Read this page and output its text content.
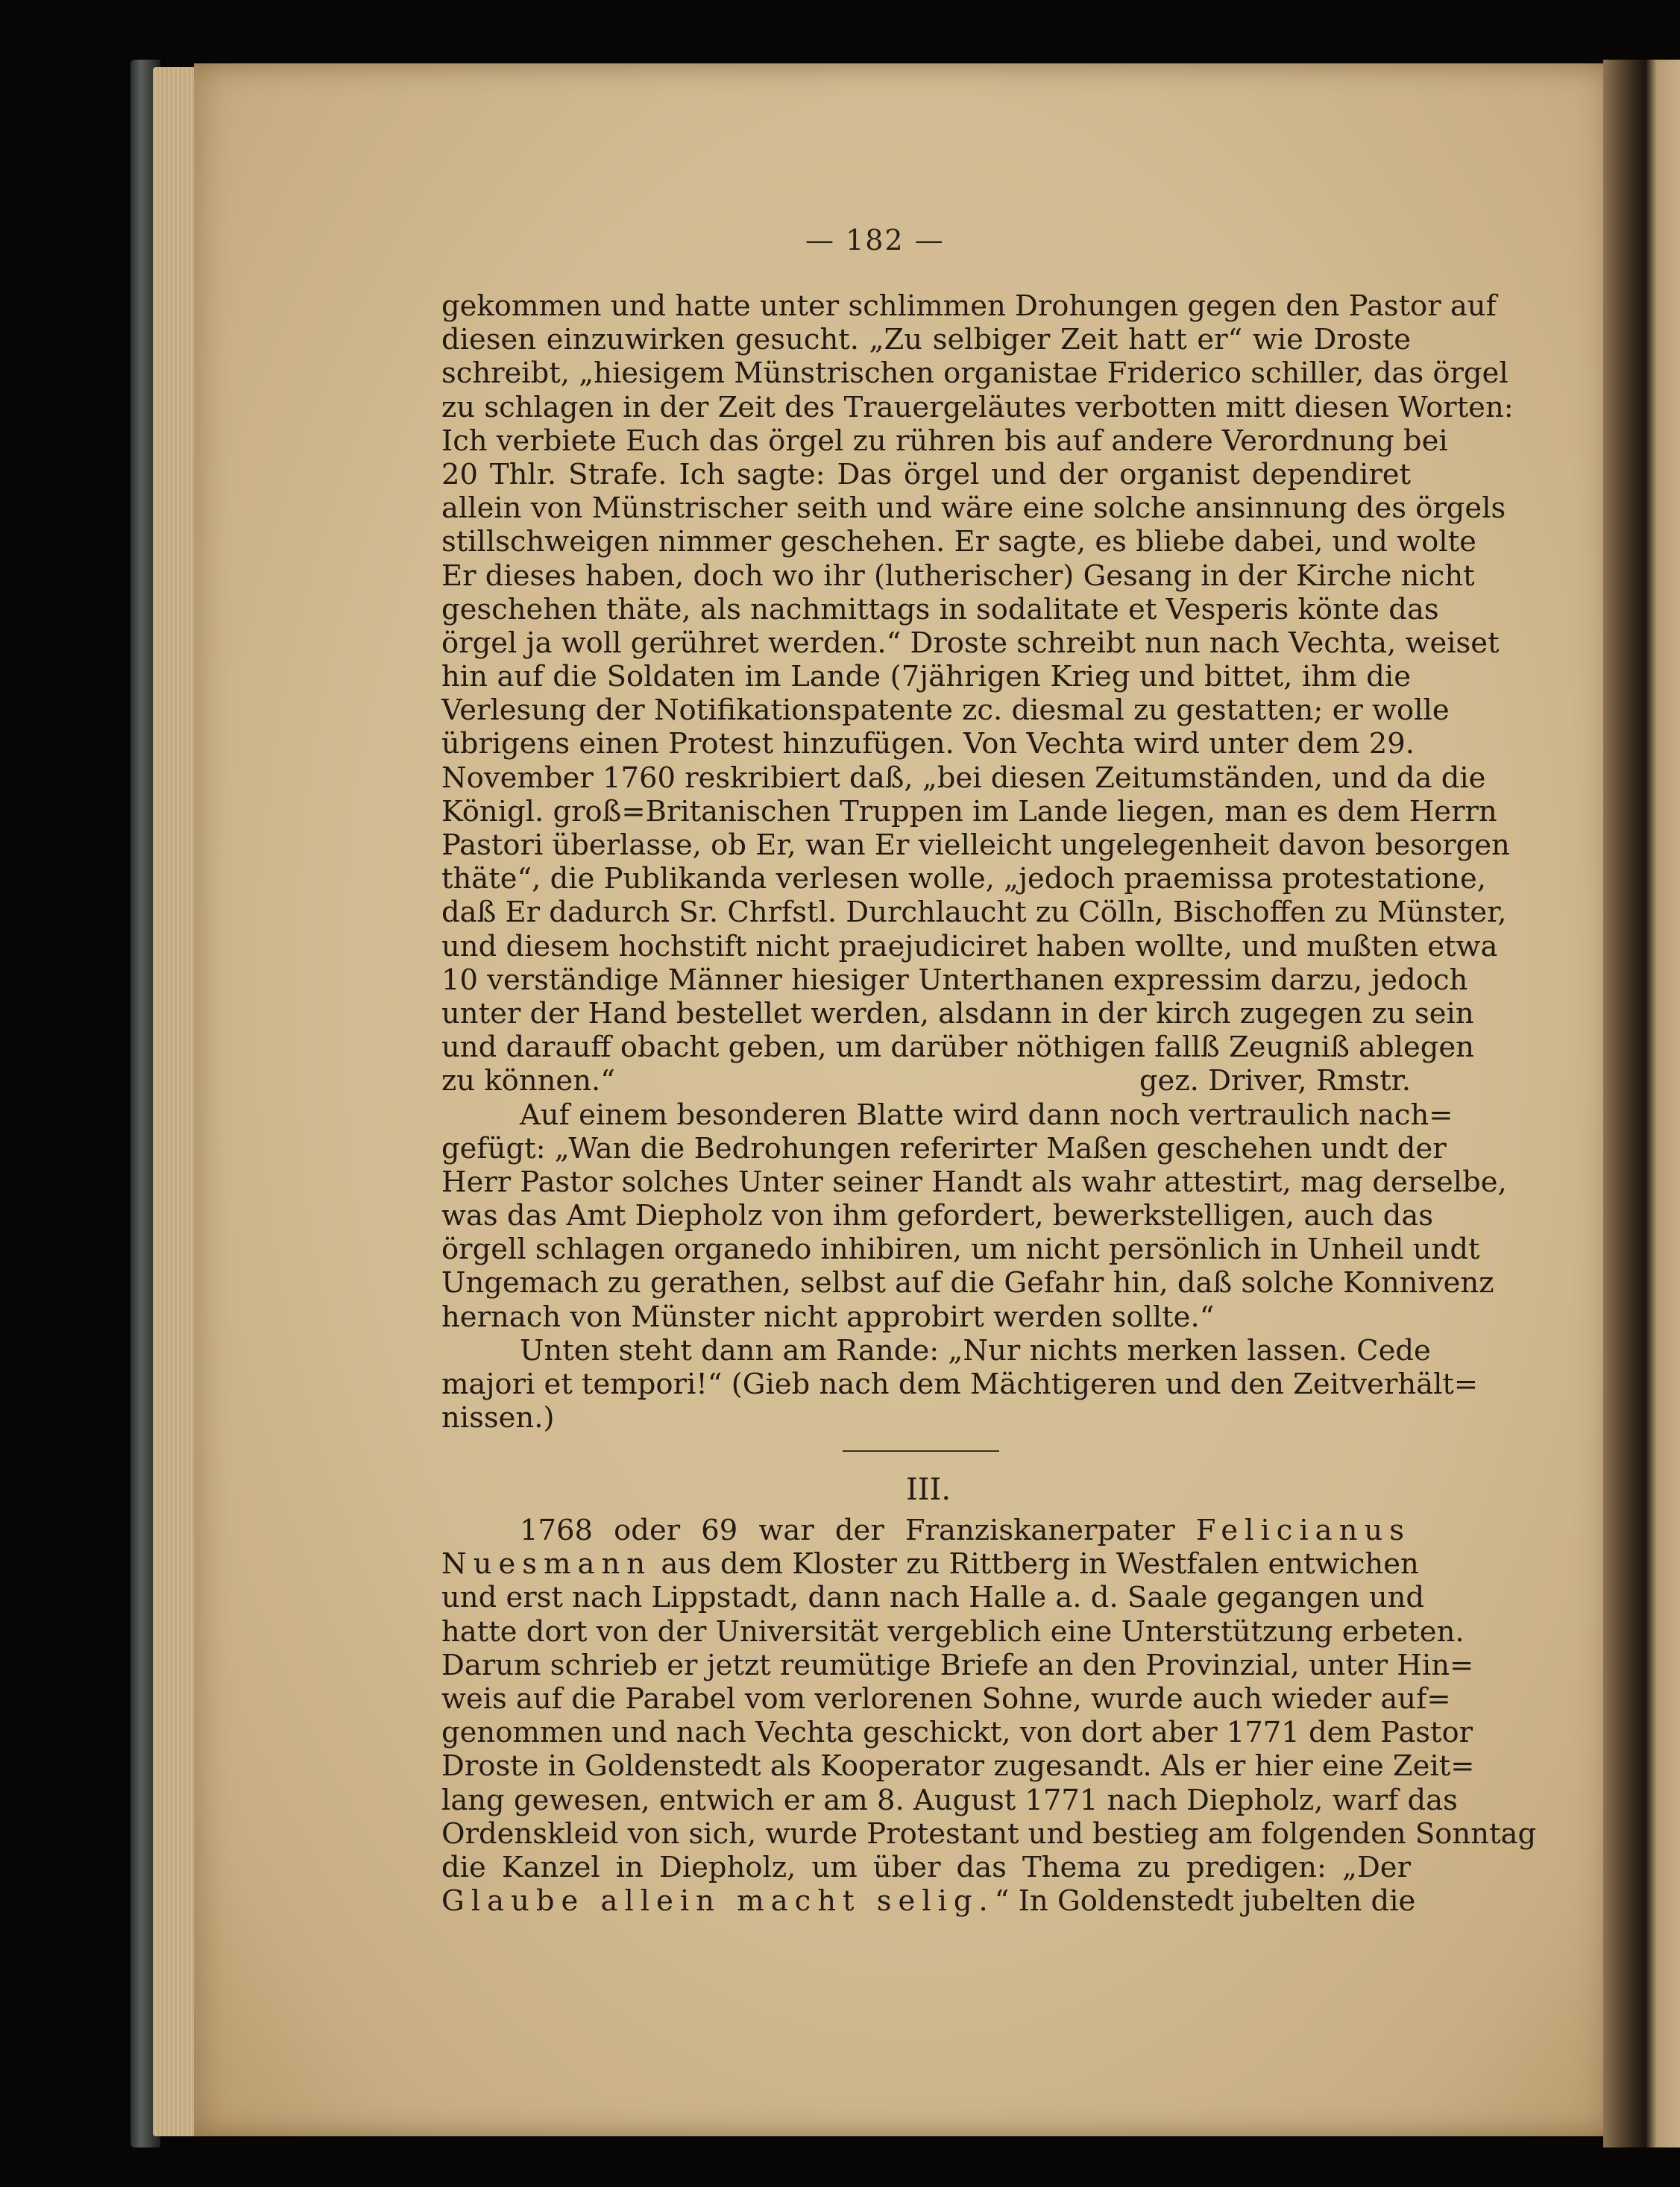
— 182 —
gekommen und hatte unter schlimmen Drohungen gegen den Pastor auf
diesen einzuwirken gesucht. „Zu selbiger Zeit hatt er“ wie Droste
schreibt, „hiesigem Münstrischen organistae Friderico schiller, das örgel
zu schlagen in der Zeit des Trauergeläutes verbotten mitt diesen Worten:
Ich verbiete Euch das örgel zu rühren bis auf andere Verordnung bei
20 Thlr. Strafe. Ich sagte: Das örgel und der organist dependiret
allein von Münstrischer seith und wäre eine solche ansinnung des örgels
stillschweigen nimmer geschehen. Er sagte, es bliebe dabei, und wolte
Er dieses haben, doch wo ihr (lutherischer) Gesang in der Kirche nicht
geschehen thäte, als nachmittags in sodalitate et Vesperis könte das
örgel ja woll gerühret werden.“ Droste schreibt nun nach Vechta, weiset
hin auf die Soldaten im Lande (7jährigen Krieg und bittet, ihm die
Verlesung der Notifikationspatente zc. diesmal zu gestatten; er wolle
übrigens einen Protest hinzufügen. Von Vechta wird unter dem 29.
November 1760 reskribiert daß, „bei diesen Zeitumständen, und da die
Königl. groß=Britanischen Truppen im Lande liegen, man es dem Herrn
Pastori überlasse, ob Er, wan Er vielleicht ungelegenheit davon besorgen
thäte“, die Publikanda verlesen wolle, „jedoch praemissa protestatione,
daß Er dadurch Sr. Chrfstl. Durchlaucht zu Cölln, Bischoffen zu Münster,
und diesem hochstift nicht praejudiciret haben wollte, und mußten etwa
10 verständige Männer hiesiger Unterthanen expressim darzu, jedoch
unter der Hand bestellet werden, alsdann in der kirch zugegen zu sein
und darauff obacht geben, um darüber nöthigen fallß Zeugniß ablegen
zu können.“	gez. Driver, Rmstr.
Auf einem besonderen Blatte wird dann noch vertraulich nach=
gefügt: „Wan die Bedrohungen referirter Maßen geschehen undt der
Herr Pastor solches Unter seiner Handt als wahr attestirt, mag derselbe,
was das Amt Diepholz von ihm gefordert, bewerkstelligen, auch das
örgell schlagen organedo inhibiren, um nicht persönlich in Unheil undt
Ungemach zu gerathen, selbst auf die Gefahr hin, daß solche Konnivenz
hernach von Münster nicht approbirt werden sollte.“
Unten steht dann am Rande: „Nur nichts merken lassen. Cede
majori et tempori!“ (Gieb nach dem Mächtigeren und den Zeitverhält=
nissen.)
III.
1768 oder 69 war der Franziskanerpater Felicianus
Nuesmann aus dem Kloster zu Rittberg in Westfalen entwichen
und erst nach Lippstadt, dann nach Halle a. d. Saale gegangen und
hatte dort von der Universität vergeblich eine Unterstützung erbeten.
Darum schrieb er jetzt reumütige Briefe an den Provinzial, unter Hin=
weis auf die Parabel vom verlorenen Sohne, wurde auch wieder auf=
genommen und nach Vechta geschickt, von dort aber 1771 dem Pastor
Droste in Goldenstedt als Kooperator zugesandt. Als er hier eine Zeit=
lang gewesen, entwich er am 8. August 1771 nach Diepholz, warf das
Ordenskleid von sich, wurde Protestant und bestieg am folgenden Sonntag
die Kanzel in Diepholz, um über das Thema zu predigen: „Der
Glaube allein macht selig.“ In Goldenstedt jubelten die
